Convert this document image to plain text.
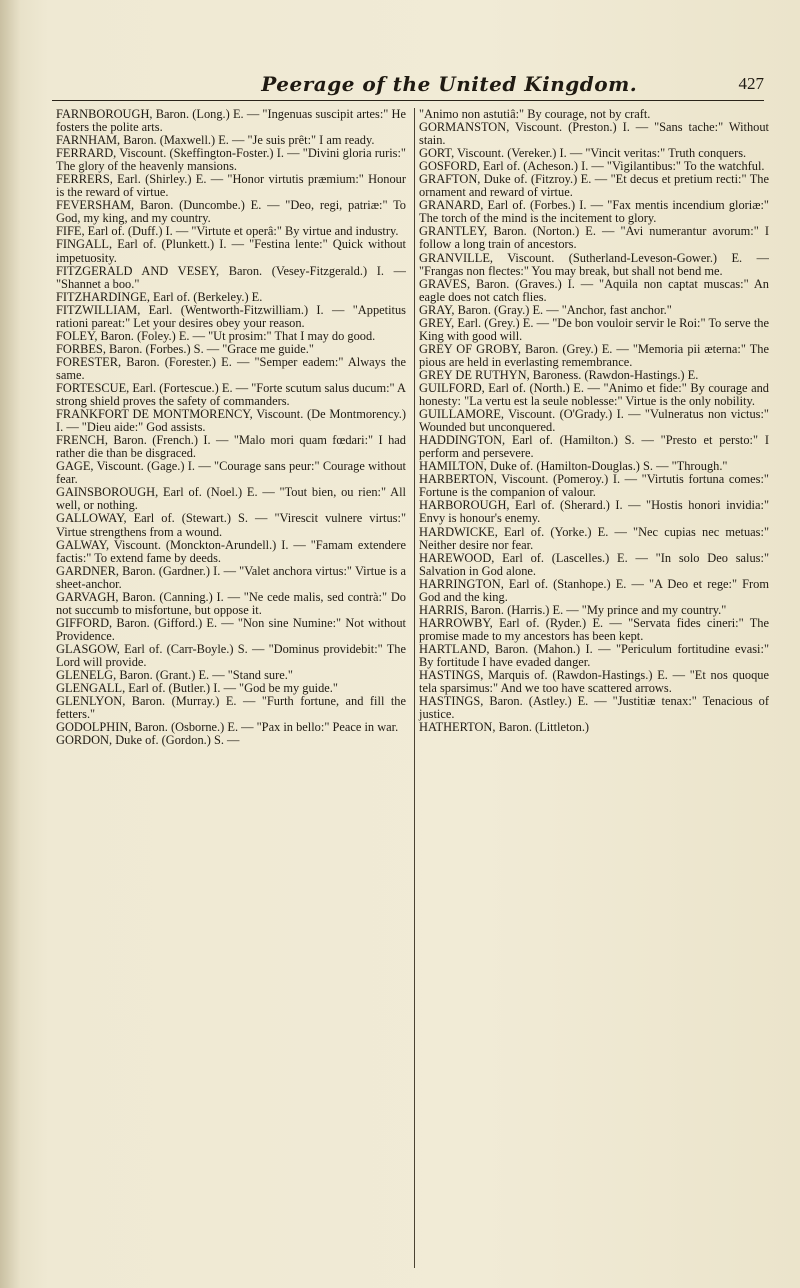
Peerage of the United Kingdom.	427

FARNBOROUGH, Baron. (Long.) E. — "Ingenuas suscipit artes:" He fosters the polite arts.

FARNHAM, Baron. (Maxwell.) E. — "Je suis prêt:" I am ready.

FERRARD, Viscount. (Skeffington-Foster.) I. — "Divini gloria ruris:" The glory of the heavenly mansions.

FERRERS, Earl. (Shirley.) E. — "Honor virtutis præmium:" Honour is the reward of virtue.

FEVERSHAM, Baron. (Duncombe.) E. — "Deo, regi, patriæ:" To God, my king, and my country.

FIFE, Earl of. (Duff.) I. — "Virtute et operâ:" By virtue and industry.

FINGALL, Earl of. (Plunkett.) I. — "Festina lente:" Quick without impetuosity.

FITZGERALD AND VESEY, Baron. (Vesey-Fitzgerald.) I. — "Shannet a boo."

FITZHARDINGE, Earl of. (Berkeley.) E.

FITZWILLIAM, Earl. (Wentworth-Fitzwilliam.) I. — "Appetitus rationi pareat:" Let your desires obey your reason.

FOLEY, Baron. (Foley.) E. — "Ut prosim:" That I may do good.

FORBES, Baron. (Forbes.) S. — "Grace me guide."

FORESTER, Baron. (Forester.) E. — "Semper eadem:" Always the same.

FORTESCUE, Earl. (Fortescue.) E. — "Forte scutum salus ducum:" A strong shield proves the safety of commanders.

FRANKFORT DE MONTMORENCY, Viscount. (De Montmorency.) I. — "Dieu aide:" God assists.

FRENCH, Baron. (French.) I. — "Malo mori quam fœdari:" I had rather die than be disgraced.

GAGE, Viscount. (Gage.) I. — "Courage sans peur:" Courage without fear.

GAINSBOROUGH, Earl of. (Noel.) E. — "Tout bien, ou rien:" All well, or nothing.

GALLOWAY, Earl of. (Stewart.) S. — "Virescit vulnere virtus:" Virtue strengthens from a wound.

GALWAY, Viscount. (Monckton-Arundell.) I. — "Famam extendere factis:" To extend fame by deeds.

GARDNER, Baron. (Gardner.) I. — "Valet anchora virtus:" Virtue is a sheet-anchor.

GARVAGH, Baron. (Canning.) I. — "Ne cede malis, sed contrà:" Do not succumb to misfortune, but oppose it.

GIFFORD, Baron. (Gifford.) E. — "Non sine Numine:" Not without Providence.

GLASGOW, Earl of. (Carr-Boyle.) S. — "Dominus providebit:" The Lord will provide.

GLENELG, Baron. (Grant.) E. — "Stand sure."

GLENGALL, Earl of. (Butler.) I. — "God be my guide."

GLENLYON, Baron. (Murray.) E. — "Furth fortune, and fill the fetters."

GODOLPHIN, Baron. (Osborne.) E. — "Pax in bello:" Peace in war.

GORDON, Duke of. (Gordon.) S. —

"Animo non astutiâ:" By courage, not by craft.

GORMANSTON, Viscount. (Preston.) I. — "Sans tache:" Without stain.

GORT, Viscount. (Vereker.) I. — "Vincit veritas:" Truth conquers.

GOSFORD, Earl of. (Acheson.) I. — "Vigilantibus:" To the watchful.

GRAFTON, Duke of. (Fitzroy.) E. — "Et decus et pretium recti:" The ornament and reward of virtue.

GRANARD, Earl of. (Forbes.) I. — "Fax mentis incendium gloriæ:" The torch of the mind is the incitement to glory.

GRANTLEY, Baron. (Norton.) E. — "Avi numerantur avorum:" I follow a long train of ancestors.

GRANVILLE, Viscount. (Sutherland-Leveson-Gower.) E. — "Frangas non flectes:" You may break, but shall not bend me.

GRAVES, Baron. (Graves.) I. — "Aquila non captat muscas:" An eagle does not catch flies.

GRAY, Baron. (Gray.) E. — "Anchor, fast anchor."

GREY, Earl. (Grey.) E. — "De bon vouloir servir le Roi:" To serve the King with good will.

GREY OF GROBY, Baron. (Grey.) E. — "Memoria pii æterna:" The pious are held in everlasting remembrance.

GREY DE RUTHYN, Baroness. (Rawdon-Hastings.) E.

GUILFORD, Earl of. (North.) E. — "Animo et fide:" By courage and honesty: "La vertu est la seule noblesse:" Virtue is the only nobility.

GUILLAMORE, Viscount. (O'Grady.) I. — "Vulneratus non victus:" Wounded but unconquered.

HADDINGTON, Earl of. (Hamilton.) S. — "Presto et persto:" I perform and persevere.

HAMILTON, Duke of. (Hamilton-Douglas.) S. — "Through."

HARBERTON, Viscount. (Pomeroy.) I. — "Virtutis fortuna comes:" Fortune is the companion of valour.

HARBOROUGH, Earl of. (Sherard.) I. — "Hostis honori invidia:" Envy is honour's enemy.

HARDWICKE, Earl of. (Yorke.) E. — "Nec cupias nec metuas:" Neither desire nor fear.

HAREWOOD, Earl of. (Lascelles.) E. — "In solo Deo salus:" Salvation in God alone.

HARRINGTON, Earl of. (Stanhope.) E. — "A Deo et rege:" From God and the king.

HARRIS, Baron. (Harris.) E. — "My prince and my country."

HARROWBY, Earl of. (Ryder.) E. — "Servata fides cineri:" The promise made to my ancestors has been kept.

HARTLAND, Baron. (Mahon.) I. — "Periculum fortitudine evasi:" By fortitude I have evaded danger.

HASTINGS, Marquis of. (Rawdon-Hastings.) E. — "Et nos quoque tela sparsimus:" And we too have scattered arrows.

HASTINGS, Baron. (Astley.) E. — "Justitiæ tenax:" Tenacious of justice.

HATHERTON, Baron. (Littleton.)
